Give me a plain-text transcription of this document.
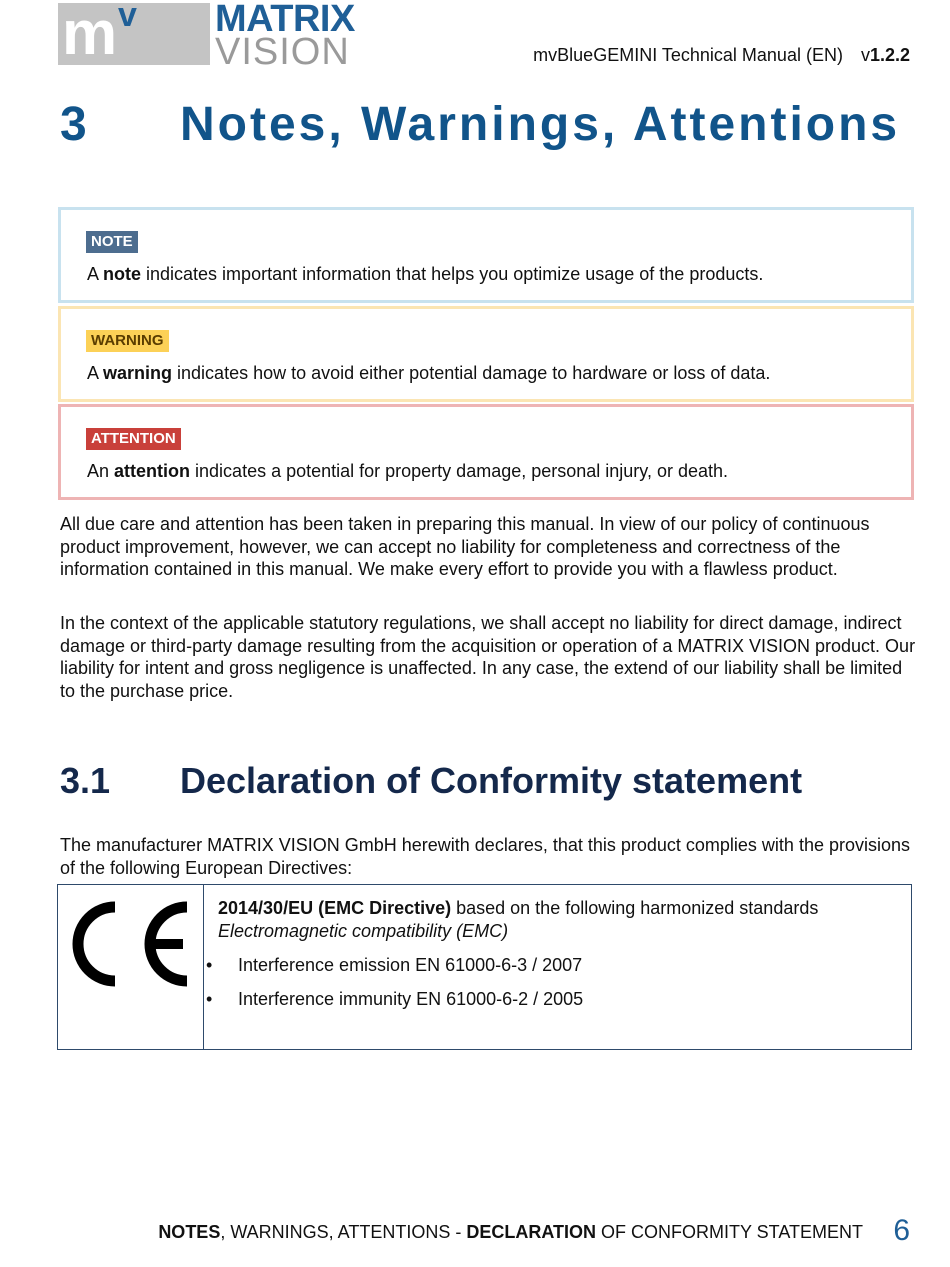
m v MATRIX
VISION	mvBlueGEMINI Technical Manual (EN) v1.2.2
3 Notes, Warnings, Attentions
NOTE
A note indicates important information that helps you optimize usage of the products.
WARNING
A warning indicates how to avoid either potential damage to hardware or loss of data.
ATTENTION
An attention indicates a potential for property damage, personal injury, or death.

All due care and attention has been taken in preparing this manual. In view of our policy of continuous product improvement, however, we can accept no liability for completeness and correctness of the information contained in this manual. We make every effort to provide you with a flawless product.

In the context of the applicable statutory regulations, we shall accept no liability for direct damage, indirect damage or third-party damage resulting from the acquisition or operation of a MATRIX VISION product. Our liability for intent and gross negligence is unaffected. In any case, the extend of our liability shall be limited to the purchase price.

3.1 Declaration of Conformity statement

The manufacturer MATRIX VISION GmbH herewith declares, that this product complies with the provisions of the following European Directives:

2014/30/EU (EMC Directive) based on the following harmonized standards
Electromagnetic compatibility (EMC)
• Interference emission EN 61000-6-3 / 2007
• Interference immunity EN 61000-6-2 / 2005
NOTES, WARNINGS, ATTENTIONS - DECLARATION OF CONFORMITY STATEMENT 6
